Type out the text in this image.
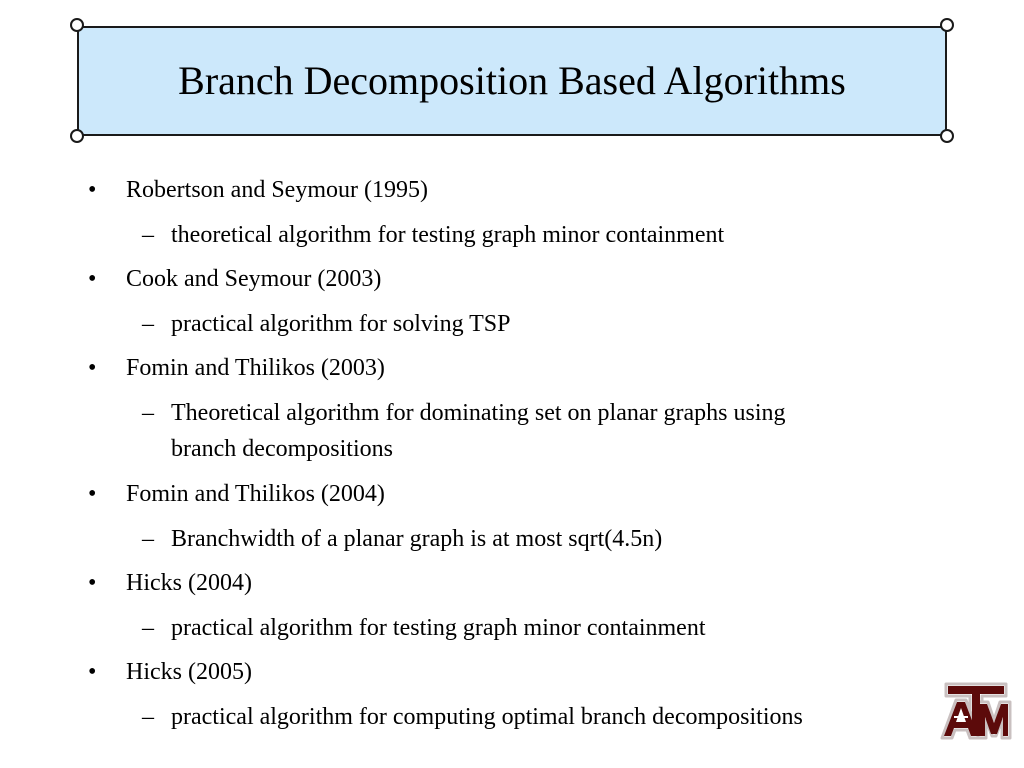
Branch Decomposition Based Algorithms
• Robertson and Seymour (1995)
– theoretical algorithm for testing graph minor containment
• Cook and Seymour (2003)
– practical algorithm for solving TSP
• Fomin and Thilikos (2003)
– Theoretical algorithm for dominating set on planar graphs using
branch decompositions
• Fomin and Thilikos (2004)
– Branchwidth of a planar graph is at most sqrt(4.5n)
• Hicks (2004)
– practical algorithm for testing graph minor containment
• Hicks (2005)
– practical algorithm for computing optimal branch decompositions
